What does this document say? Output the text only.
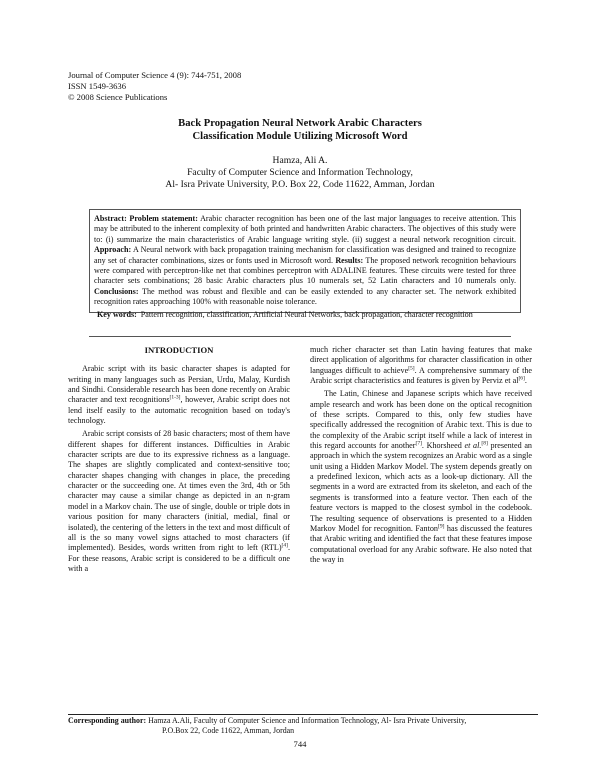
Journal of Computer Science 4 (9): 744-751, 2008
ISSN 1549-3636
© 2008 Science Publications
Back Propagation Neural Network Arabic Characters
Classification Module Utilizing Microsoft Word
Hamza, Ali A.
Faculty of Computer Science and Information Technology,
Al- Isra Private University, P.O. Box 22, Code 11622, Amman, Jordan
Abstract: Problem statement: Arabic character recognition has been one of the last major languages to receive attention. This may be attributed to the inherent complexity of both printed and handwritten Arabic characters. The objectives of this study were to: (i) summarize the main characteristics of Arabic language writing style. (ii) suggest a neural network recognition circuit. Approach: A Neural network with back propagation training mechanism for classification was designed and trained to recognize any set of character combinations, sizes or fonts used in Microsoft word. Results: The proposed network recognition behaviours were compared with perceptron-like net that combines perceptron with ADALINE features. These circuits were tested for three character sets combinations; 28 basic Arabic characters plus 10 numerals set, 52 Latin characters and 10 numerals only. Conclusions: The method was robust and flexible and can be easily extended to any character set. The network exhibited recognition rates approaching 100% with reasonable noise tolerance.
Key words: Pattern recognition, classification, Artificial Neural Networks, back propagation, character recognition
INTRODUCTION

Arabic script with its basic character shapes is adapted for writing in many languages such as Persian, Urdu, Malay, Kurdish and Sindhi. Considerable research has been done recently on Arabic character and text recognitions[1-3], however, Arabic script does not lend itself easily to the automatic recognition based on today's technology.

Arabic script consists of 28 basic characters; most of them have different shapes for different instances. Difficulties in Arabic character scripts are due to its expressive richness as a language. The shapes are slightly complicated and context-sensitive too; character shapes changing with changes in place, the preceding character or the succeeding one. At times even the 3rd, 4th or 5th character may cause a similar change as depicted in an n-gram model in a Markov chain. The use of single, double or triple dots in various position for many characters (initial, medial, final or isolated), the centering of the letters in the text and most difficult of all is the so many vowel signs attached to most characters (if implemented). Besides, words written from right to left (RTL)[4]. For these reasons, Arabic script is considered to be a difficult one with a

much richer character set than Latin having features that make direct application of algorithms for character classification in other languages difficult to achieve[5]. A comprehensive summary of the Arabic script characteristics and features is given by Perviz et al[6].

The Latin, Chinese and Japanese scripts which have received ample research and work has been done on the optical recognition of these scripts. Compared to this, only few studies have specifically addressed the recognition of Arabic text. This is due to the complexity of the Arabic script itself while a lack of interest in this regard accounts for another[7]. Khorsheed et al.[8] presented an approach in which the system recognizes an Arabic word as a single unit using a Hidden Markov Model. The system depends greatly on a predefined lexicon, which acts as a look-up dictionary. All the segments in a word are extracted from its skeleton, and each of the segments is transformed into a feature vector. Then each of the feature vectors is mapped to the closest symbol in the codebook. The resulting sequence of observations is presented to a Hidden Markov Model for recognition. Fanton[9] has discussed the features that Arabic writing and identified the fact that these features impose computational overload for any Arabic software. He also noted that the way in

Corresponding author: Hamza A.Ali, Faculty of Computer Science and Information Technology, Al- Isra Private University,
P.O.Box 22, Code 11622, Amman, Jordan
744
